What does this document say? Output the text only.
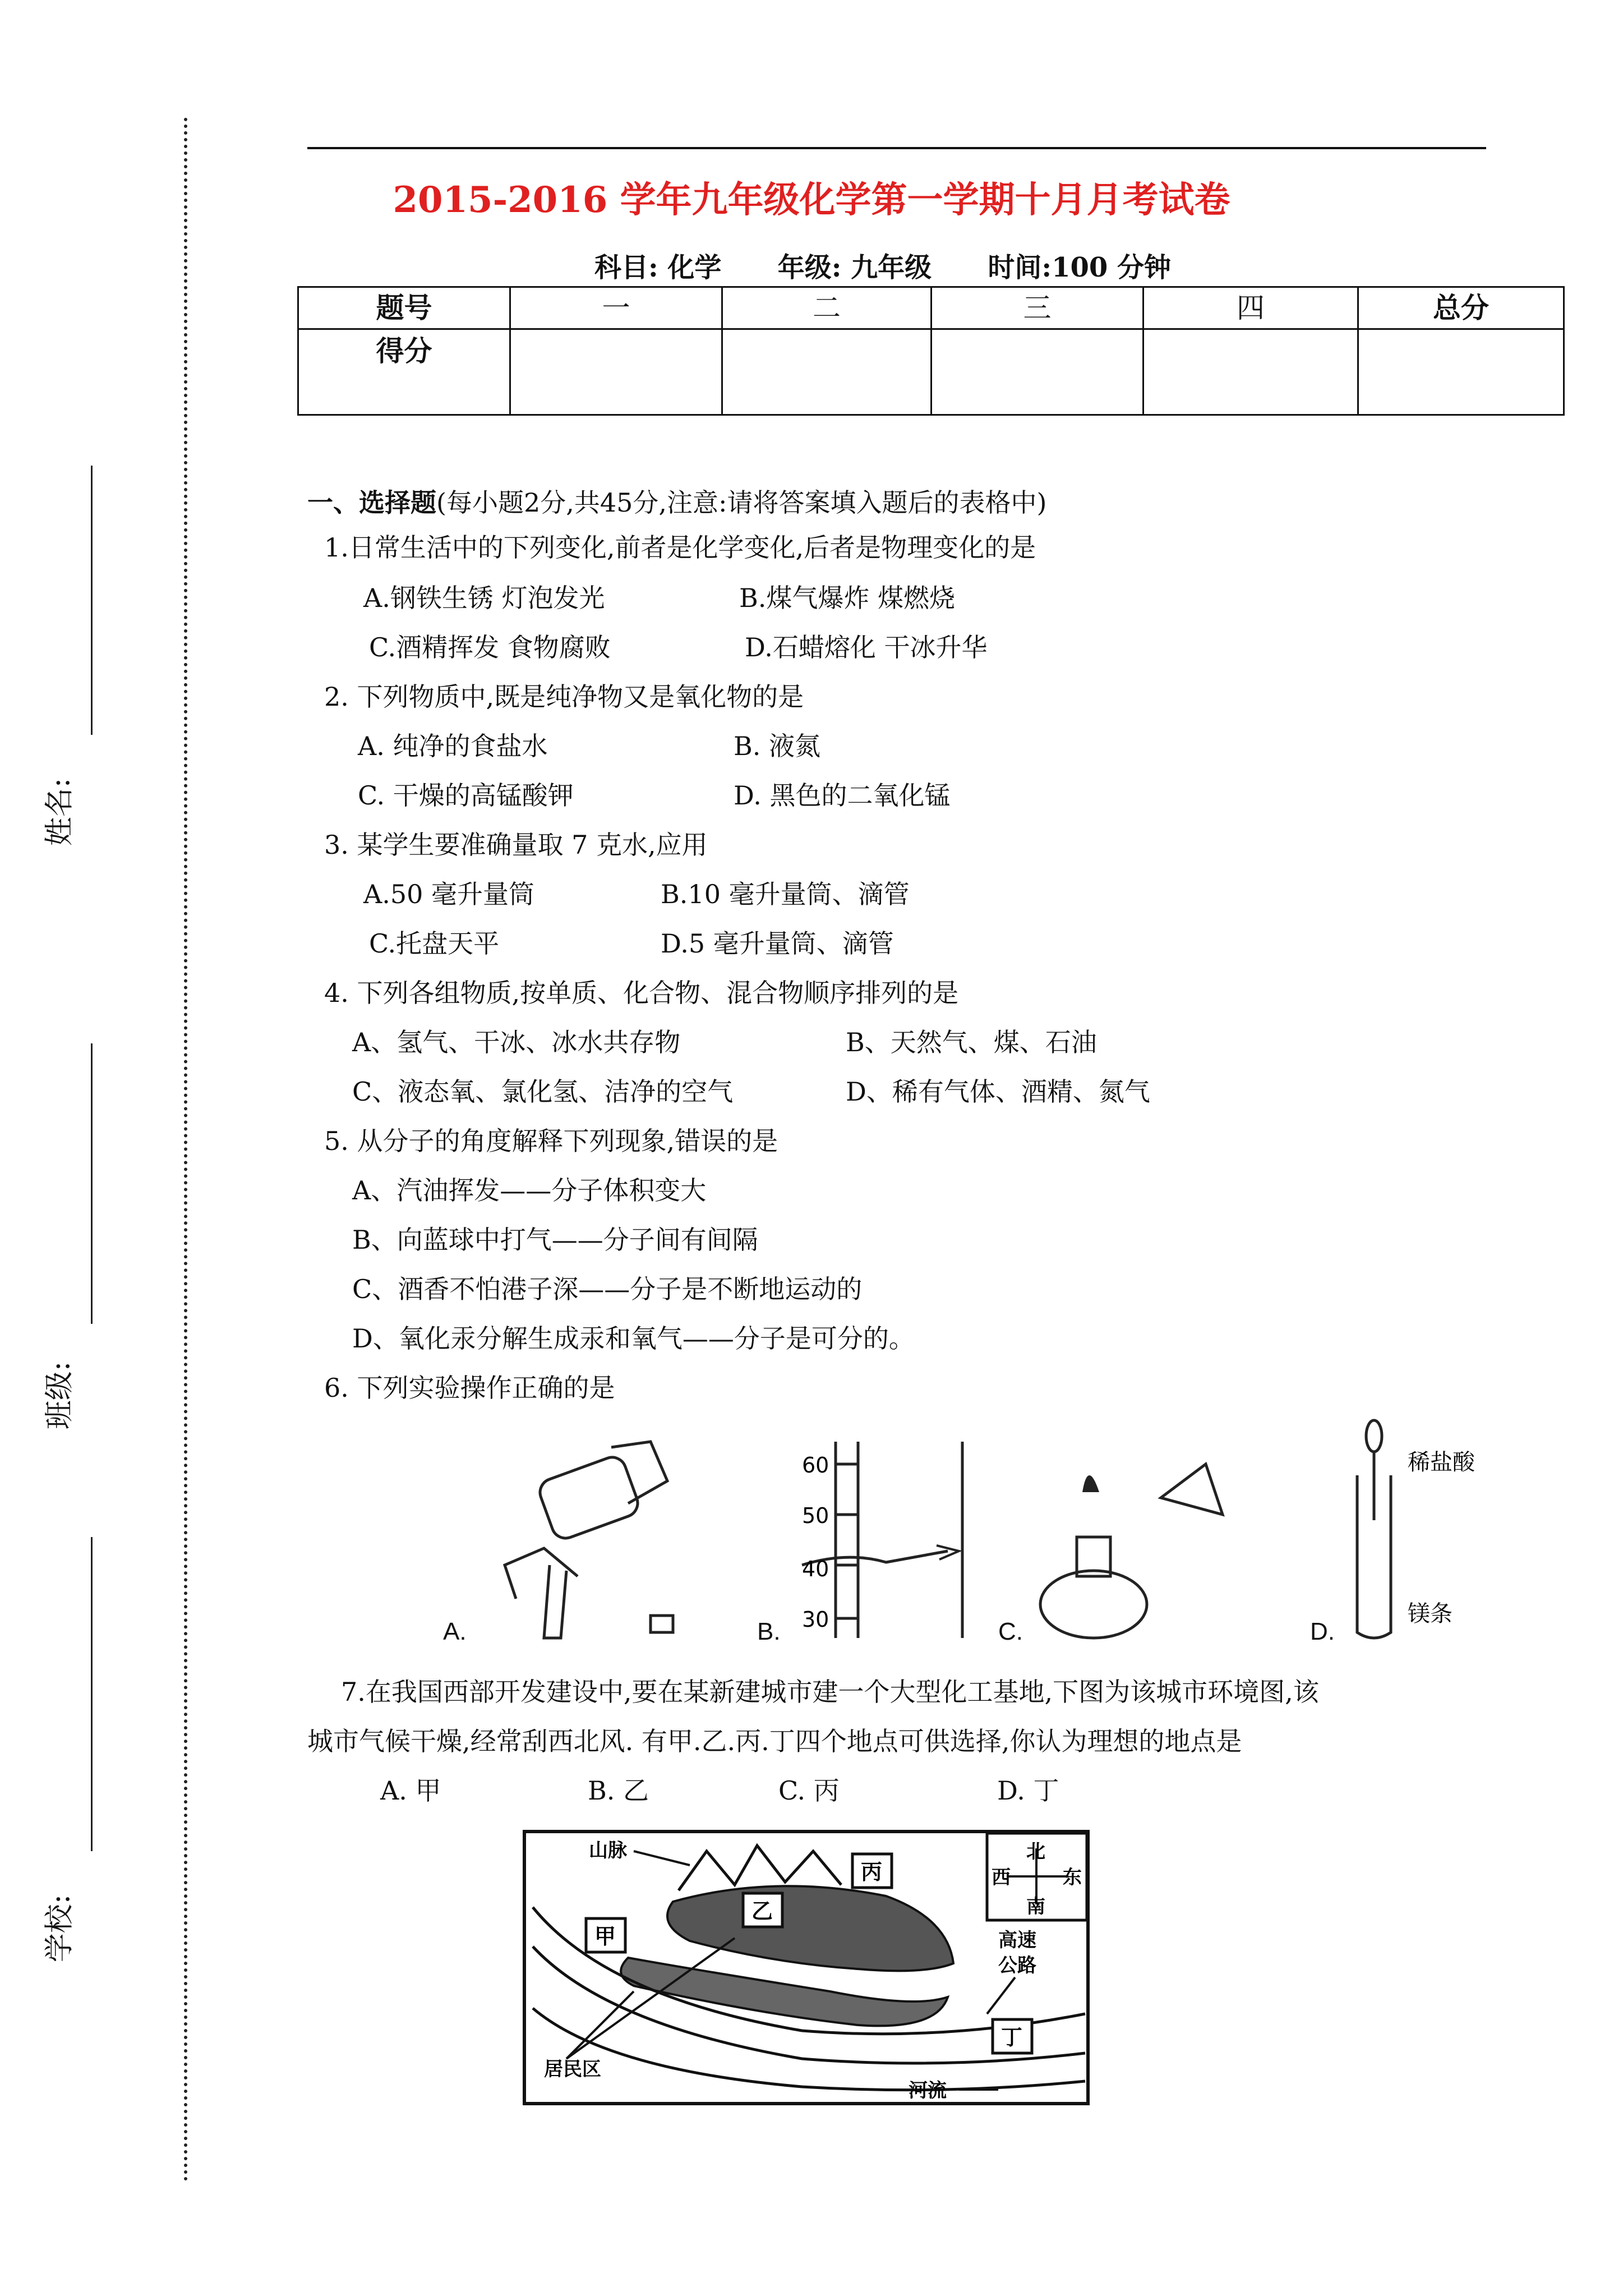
姓名:
班级:
学校:
2015-2016 学年九年级化学第一学期十月月考试卷
科目: 化学      年级: 九年级      时间:100 分钟
题号	一	二	三	四	总分
得分					
一、选择题(每小题2分,共45分,注意:请将答案填入题后的表格中)
1.日常生活中的下列变化,前者是化学变化,后者是物理变化的是
A.钢铁生锈 灯泡发光	B.煤气爆炸 煤燃烧
C.酒精挥发 食物腐败	D.石蜡熔化 干冰升华
2. 下列物质中,既是纯净物又是氧化物的是
A. 纯净的食盐水	B. 液氮
C. 干燥的高锰酸钾	D. 黑色的二氧化锰
3. 某学生要准确量取 7 克水,应用
A.50 毫升量筒	B.10 毫升量筒、滴管
C.托盘天平	D.5 毫升量筒、滴管
4. 下列各组物质,按单质、化合物、混合物顺序排列的是
A、氢气、干冰、冰水共存物	B、天然气、煤、石油
C、液态氧、氯化氢、洁净的空气	D、稀有气体、酒精、氮气
5. 从分子的角度解释下列现象,错误的是
A、汽油挥发——分子体积变大
B、向蓝球中打气——分子间有间隔
C、酒香不怕港子深——分子是不断地运动的
D、氧化汞分解生成汞和氧气——分子是可分的。
6. 下列实验操作正确的是
A.
60
50
40
30
B.	C.
稀盐酸
镁条
D.
7.在我国西部开发建设中,要在某新建城市建一个大型化工基地,下图为该城市环境图,该
城市气候干燥,经常刮西北风. 有甲.乙.丙.丁四个地点可供选择,你认为理想的地点是
A. 甲	B. 乙	C. 丙	D. 丁
北
西	东
南
山脉
甲
乙
丙
丁
高速
公路
居民区
河流
